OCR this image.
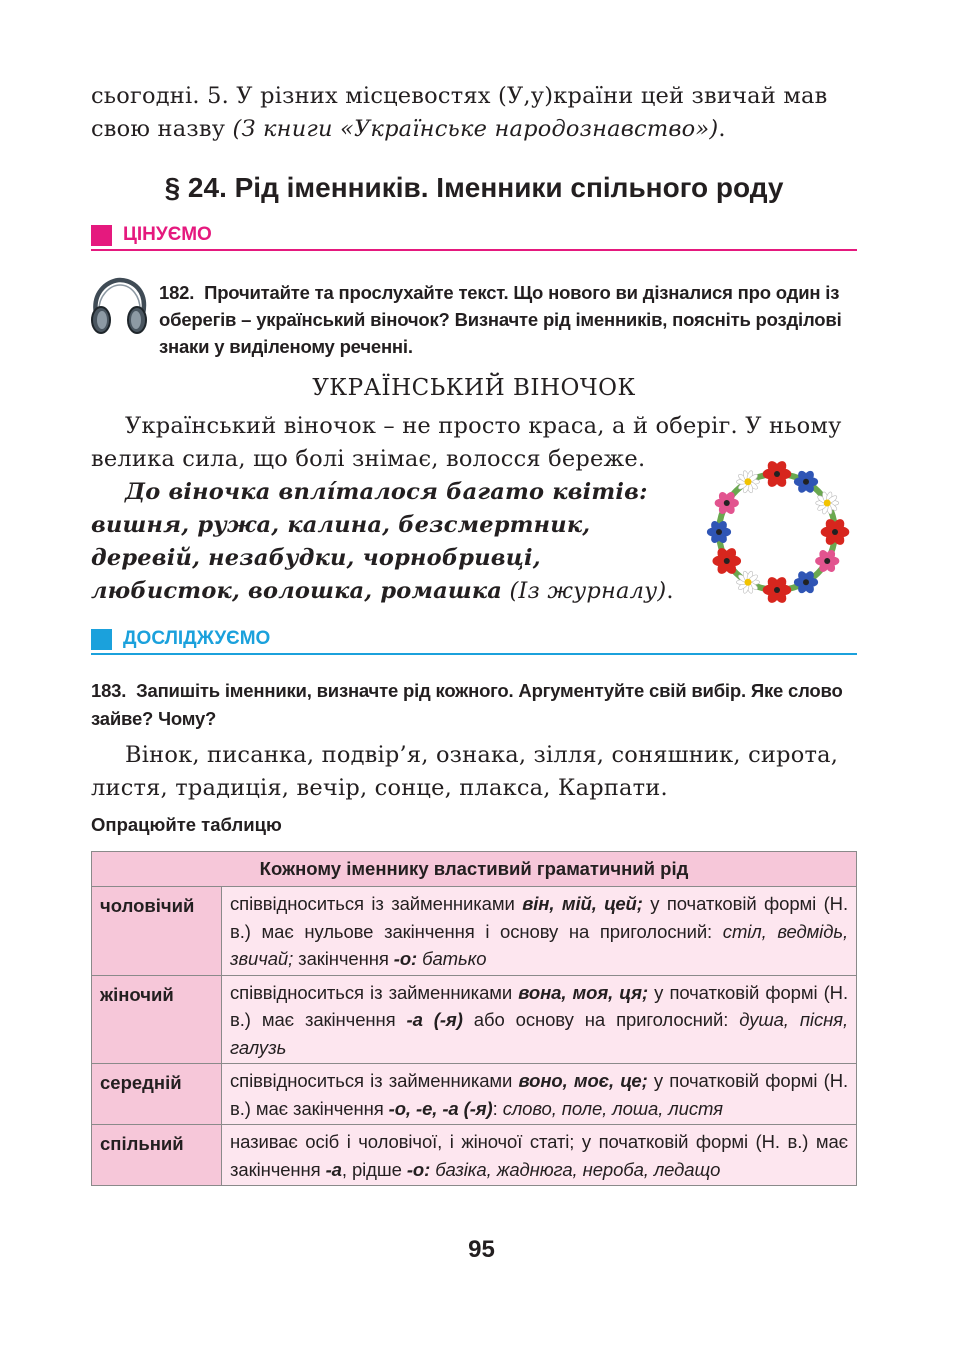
сьогодні. 5. У різних місцевостях (У,у)країни цей звичай мав
свою назву (З книги «Українське народознавство»).
§ 24. Рід іменників. Іменники спільного роду
ЦІНУЄМО
182. Прочитайте та прослухайте текст. Що нового ви дізналися про один із оберегів – український віночок? Визначте рід іменників, поясніть розділові знаки у виділеному реченні.
УКРАЇНСЬКИЙ ВІНОЧОК
Український віночок – не просто краса, а й оберіг. У ньому велика сила, що болі знімає, волосся береже.
До віночка вплíталося багато квітів: вишня, ружа, калина, безсмертник, деревій, незабудки, чорнобривці, любисток, волошка, ромашка (Із журналу).
ДОСЛІДЖУЄМО
183. Запишіть іменники, визначте рід кожного. Аргументуйте свій вибір. Яке слово зайве? Чому?
Вінок, писанка, подвір’я, ознака, зілля, соняшник, сирота, листя, традиція, вечір, сонце, плакса, Карпати.
Опрацюйте таблицю
Кожному іменнику властивий граматичний рід	
чоловічий	співвідноситься із займенниками він, мій, цей; у початковій формі (Н. в.) має нульове закінчення і основу на приголосний: стіл, ведмідь, звичай; закінчення -о: батько
жіночий	співвідноситься із займенниками вона, моя, ця; у початковій формі (Н. в.) має закінчення -а (-я) або основу на приголосний: душа, пісня, галузь
середній	співвідноситься із займенниками воно, моє, це; у початковій формі (Н. в.) має закінчення -о, -е, -а (-я): слово, поле, лоша, листя
спільний	називає осіб і чоловічої, і жіночої статі; у початковій формі (Н. в.) має закінчення -а, рідше -о: базіка, жаднюга, нероба, ледащо
95
